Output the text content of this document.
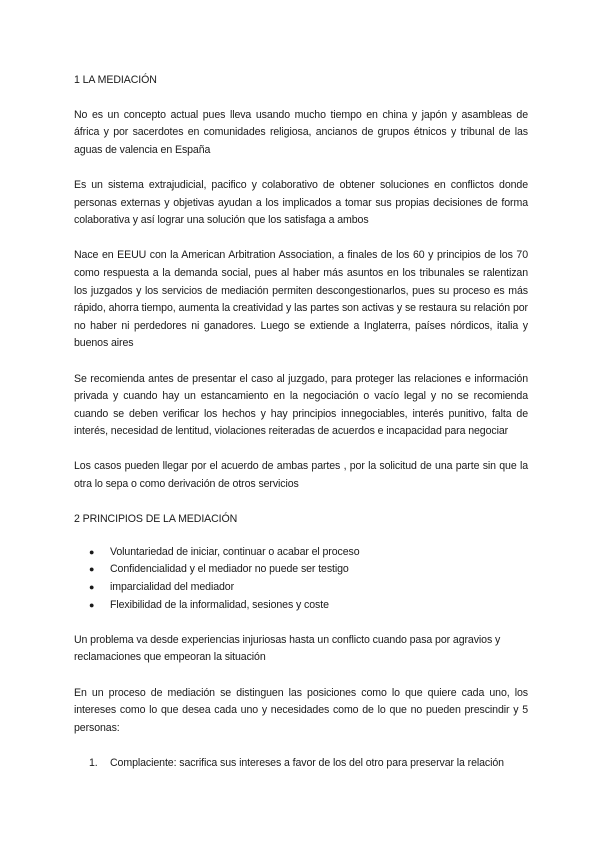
1 LA MEDIACIÓN

No es un concepto actual pues lleva usando mucho tiempo en china y japón y asambleas de áfrica y por sacerdotes en comunidades religiosa, ancianos de grupos étnicos y tribunal de las aguas de valencia en España

Es un sistema extrajudicial, pacifico y colaborativo de obtener soluciones en conflictos donde personas externas y objetivas ayudan a los implicados a tomar sus propias decisiones de forma colaborativa y así lograr una solución que los satisfaga a ambos

Nace en EEUU con la American Arbitration Association, a finales de los 60 y principios de los 70 como respuesta a la demanda social, pues al haber más asuntos en los tribunales se ralentizan los juzgados y los servicios de mediación permiten descongestionarlos, pues su proceso es más rápido, ahorra tiempo, aumenta la creatividad y las partes son activas y se restaura su relación por no haber ni perdedores ni ganadores. Luego se extiende a Inglaterra, países nórdicos, italia y buenos aires

Se recomienda antes de presentar el caso al juzgado, para proteger las relaciones e información privada y cuando hay un estancamiento en la negociación o vacío legal y no se recomienda cuando se deben verificar los hechos y hay principios innegociables, interés punitivo, falta de interés, necesidad de lentitud, violaciones reiteradas de acuerdos e incapacidad para negociar

Los casos pueden llegar por el acuerdo de ambas partes , por la solicitud de una parte sin que la otra lo sepa o como derivación de otros servicios

2 PRINCIPIOS DE LA MEDIACIÓN
● Voluntariedad de iniciar, continuar o acabar el proceso
● Confidencialidad y el mediador no puede ser testigo
● imparcialidad del mediador
● Flexibilidad de la informalidad, sesiones y coste

Un problema va desde experiencias injuriosas hasta un conflicto cuando pasa por agravios y reclamaciones que empeoran la situación

En un proceso de mediación se distinguen las posiciones como lo que quiere cada uno, los intereses como lo que desea cada uno y necesidades como de lo que no pueden prescindir y 5 personas:

1. Complaciente: sacrifica sus intereses a favor de los del otro para preservar la relación
